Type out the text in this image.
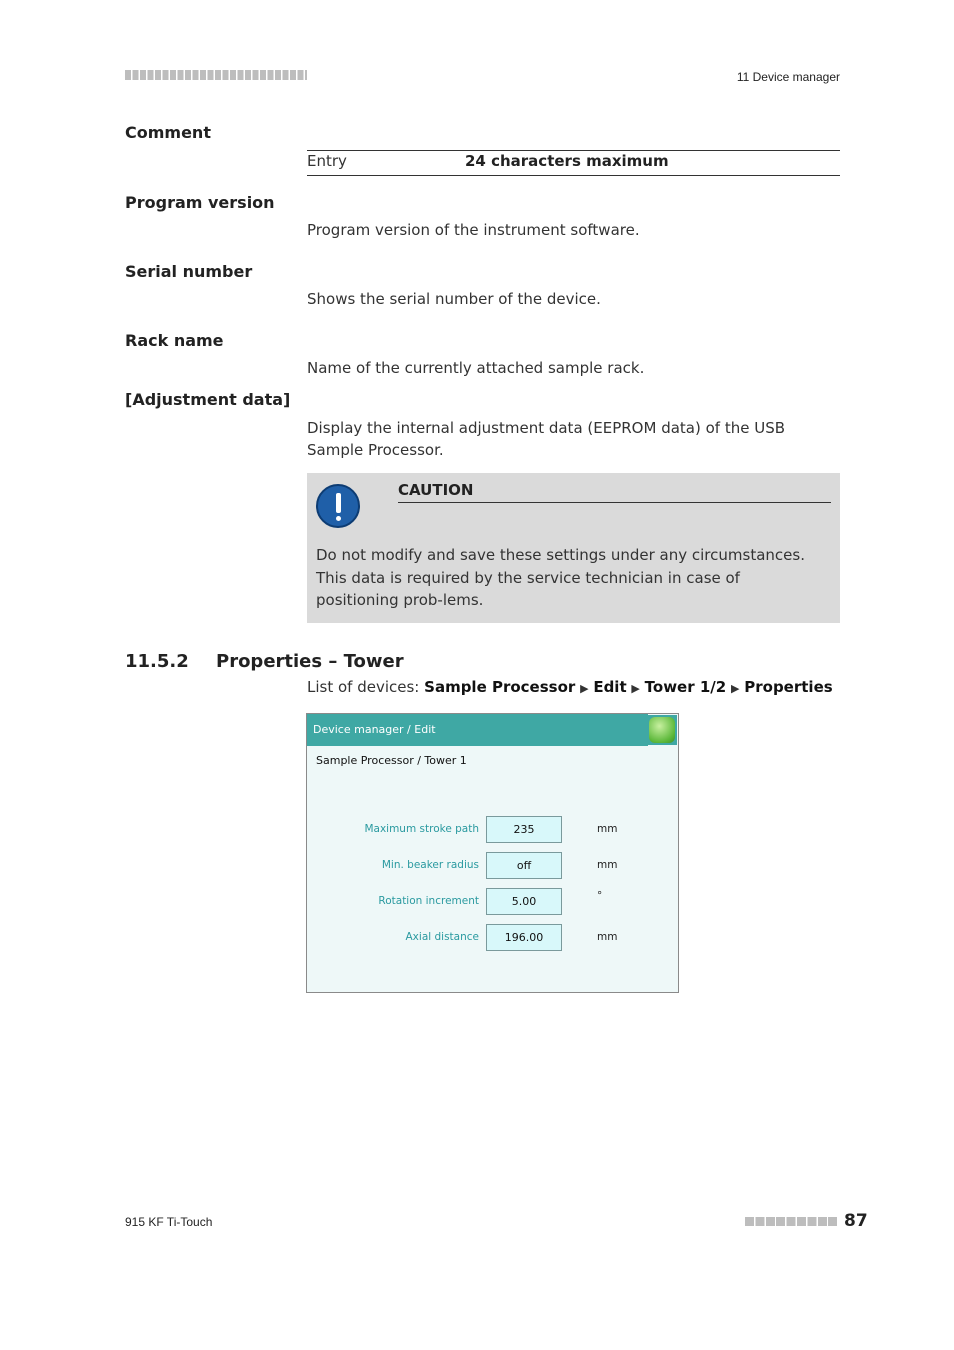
11 Device manager
Comment
Entry	24 characters maximum
Program version
Program version of the instrument software.
Serial number
Shows the serial number of the device.
Rack name
Name of the currently attached sample rack.
[Adjustment data]
Display the internal adjustment data (EEPROM data) of the USB Sample Processor.
CAUTION
Do not modify and save these settings under any circumstances. This data is required by the service technician in case of positioning prob-lems.
11.5.2 Properties – Tower
List of devices: Sample Processor ▶ Edit ▶ Tower 1/2 ▶ Properties
Device manager / Edit
Sample Processor / Tower 1
Maximum stroke path	235	mm
Min. beaker radius	off	mm
Rotation increment	5.00	°
Axial distance	196.00	mm
915 KF Ti-Touch	87
